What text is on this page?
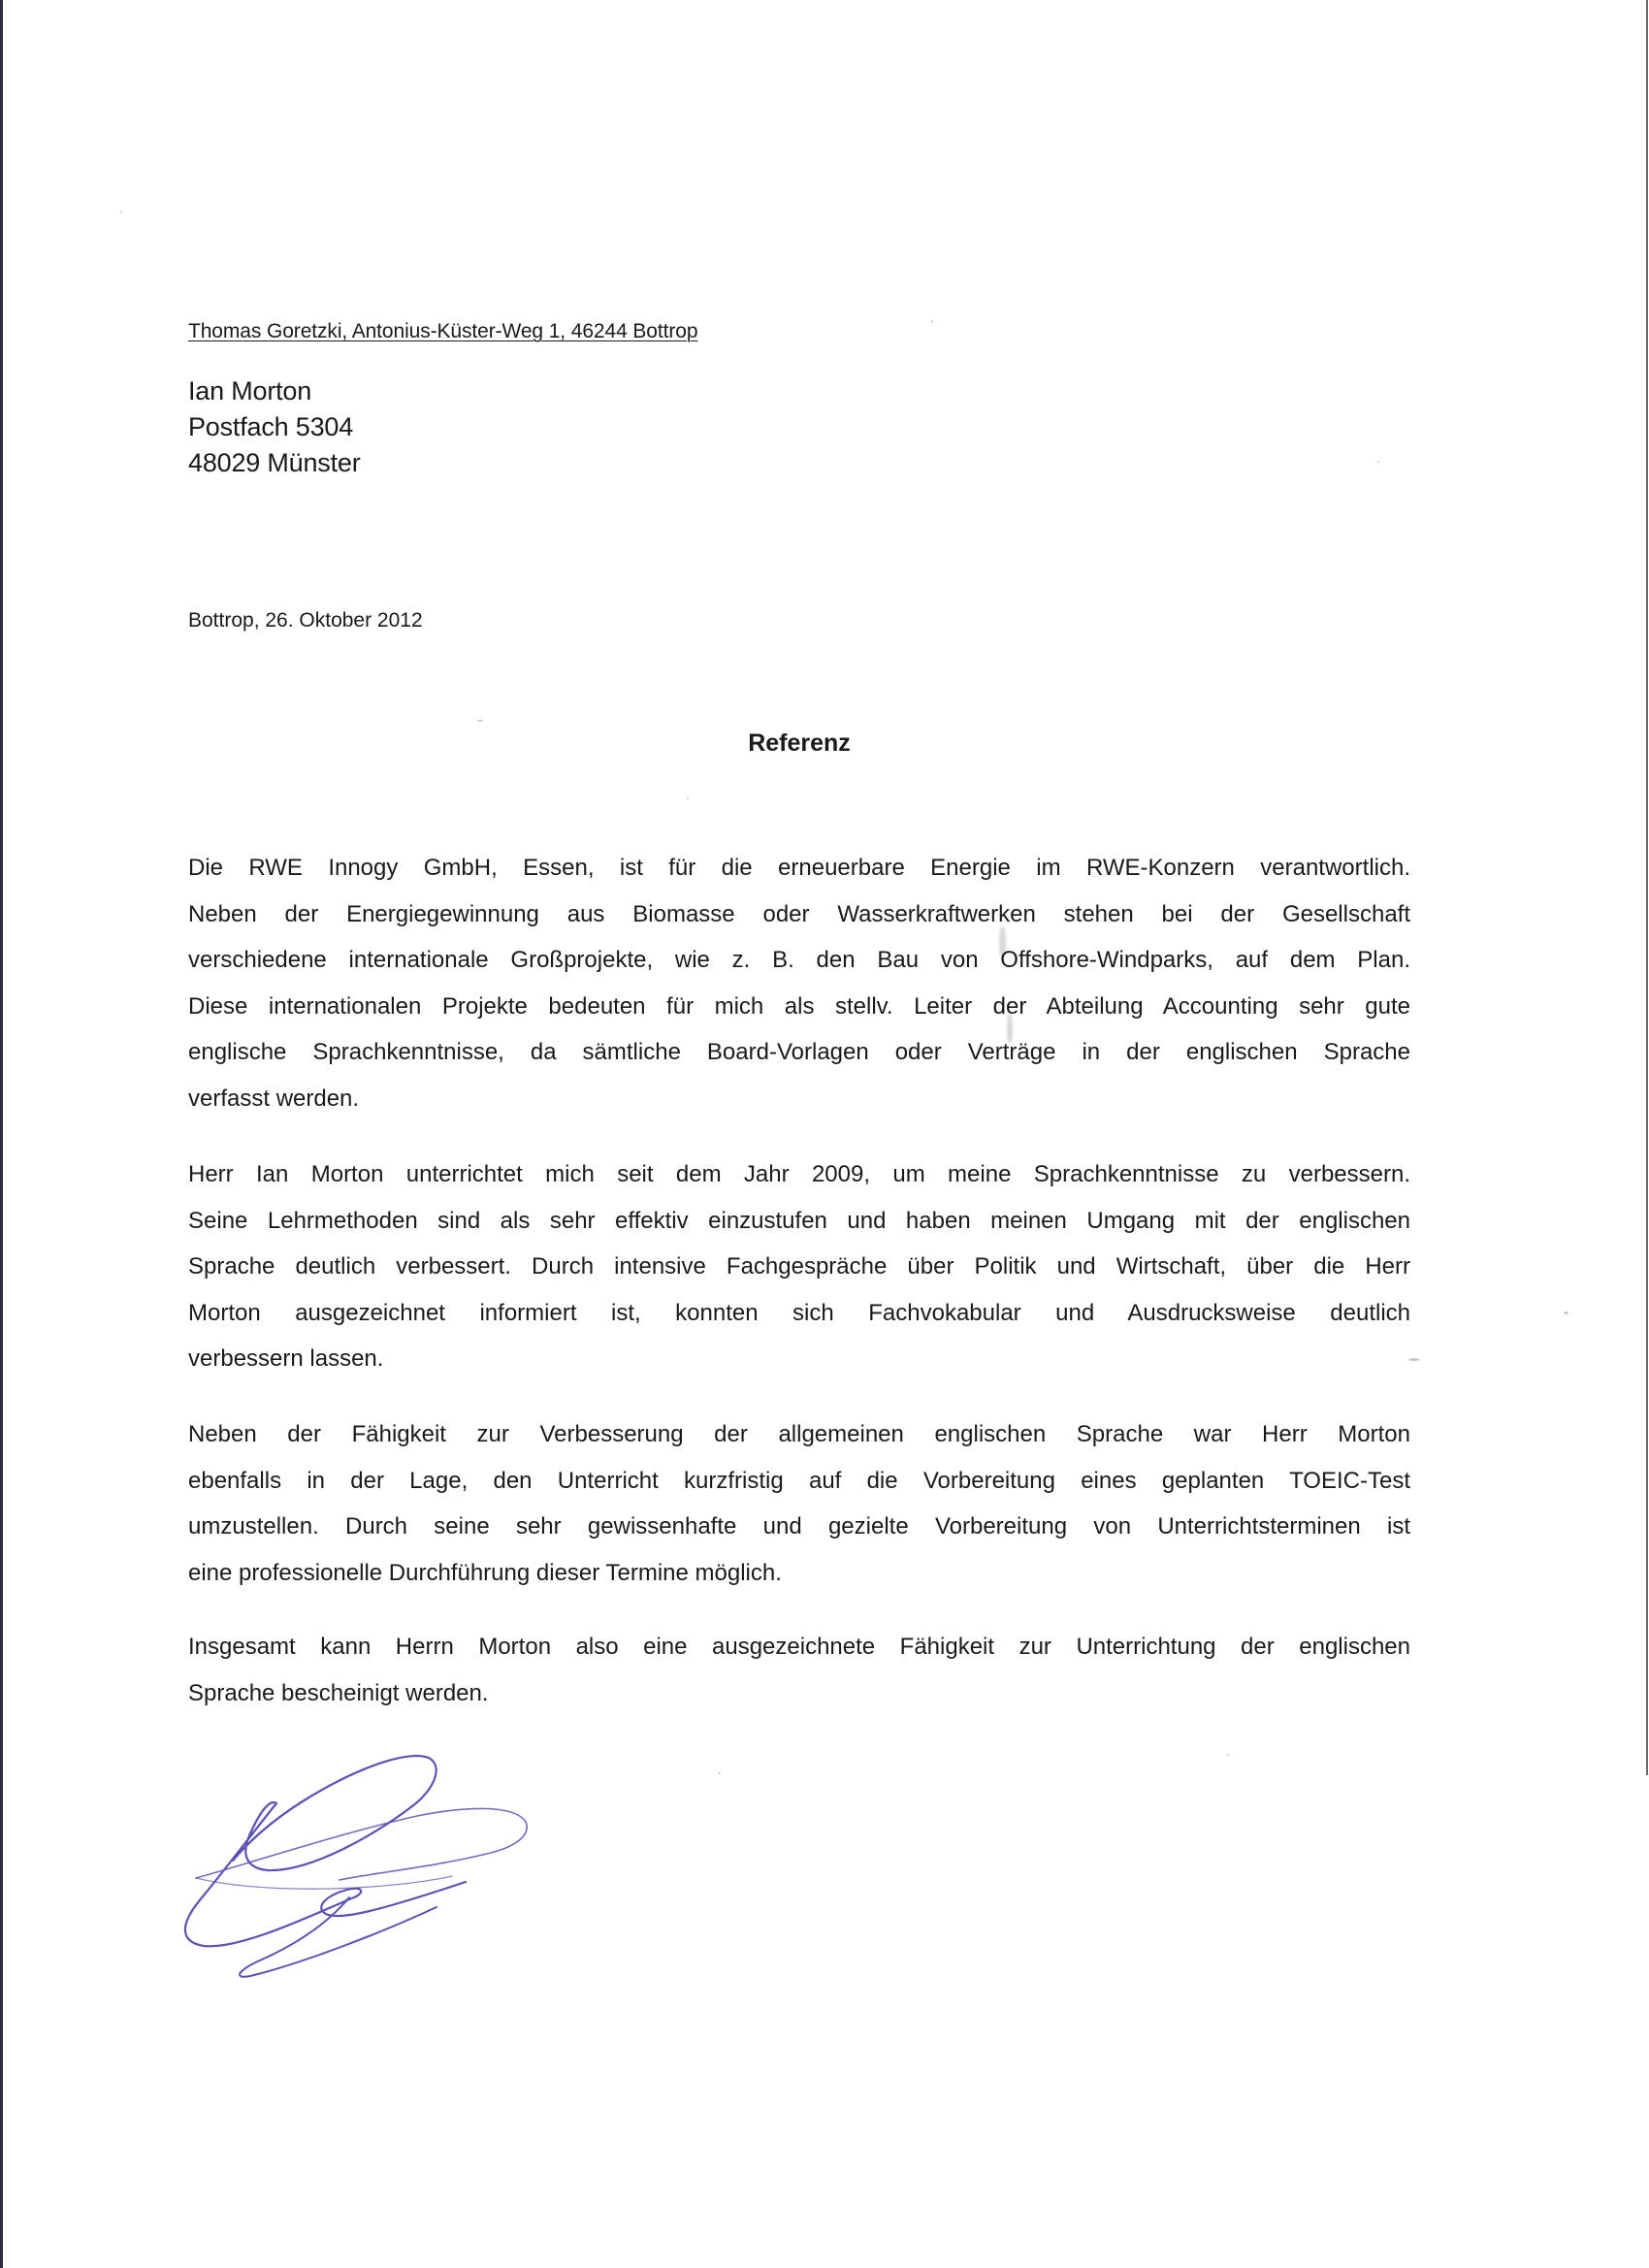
Thomas Goretzki, Antonius-Küster-Weg 1, 46244 Bottrop
Ian Morton
Postfach 5304
48029 Münster
Bottrop, 26. Oktober 2012
Referenz
Die RWE Innogy GmbH, Essen, ist für die erneuerbare Energie im RWE-Konzern verantwortlich.
Neben der Energiegewinnung aus Biomasse oder Wasserkraftwerken stehen bei der Gesellschaft
verschiedene internationale Großprojekte, wie z. B. den Bau von Offshore-Windparks, auf dem Plan.
Diese internationalen Projekte bedeuten für mich als stellv. Leiter der Abteilung Accounting sehr gute
englische Sprachkenntnisse, da sämtliche Board-Vorlagen oder Verträge in der englischen Sprache
verfasst werden.
Herr Ian Morton unterrichtet mich seit dem Jahr 2009, um meine Sprachkenntnisse zu verbessern.
Seine Lehrmethoden sind als sehr effektiv einzustufen und haben meinen Umgang mit der englischen
Sprache deutlich verbessert. Durch intensive Fachgespräche über Politik und Wirtschaft, über die Herr
Morton ausgezeichnet informiert ist, konnten sich Fachvokabular und Ausdrucksweise deutlich
verbessern lassen.
Neben der Fähigkeit zur Verbesserung der allgemeinen englischen Sprache war Herr Morton
ebenfalls in der Lage, den Unterricht kurzfristig auf die Vorbereitung eines geplanten TOEIC-Test
umzustellen. Durch seine sehr gewissenhafte und gezielte Vorbereitung von Unterrichtsterminen ist
eine professionelle Durchführung dieser Termine möglich.
Insgesamt kann Herrn Morton also eine ausgezeichnete Fähigkeit zur Unterrichtung der englischen
Sprache bescheinigt werden.
